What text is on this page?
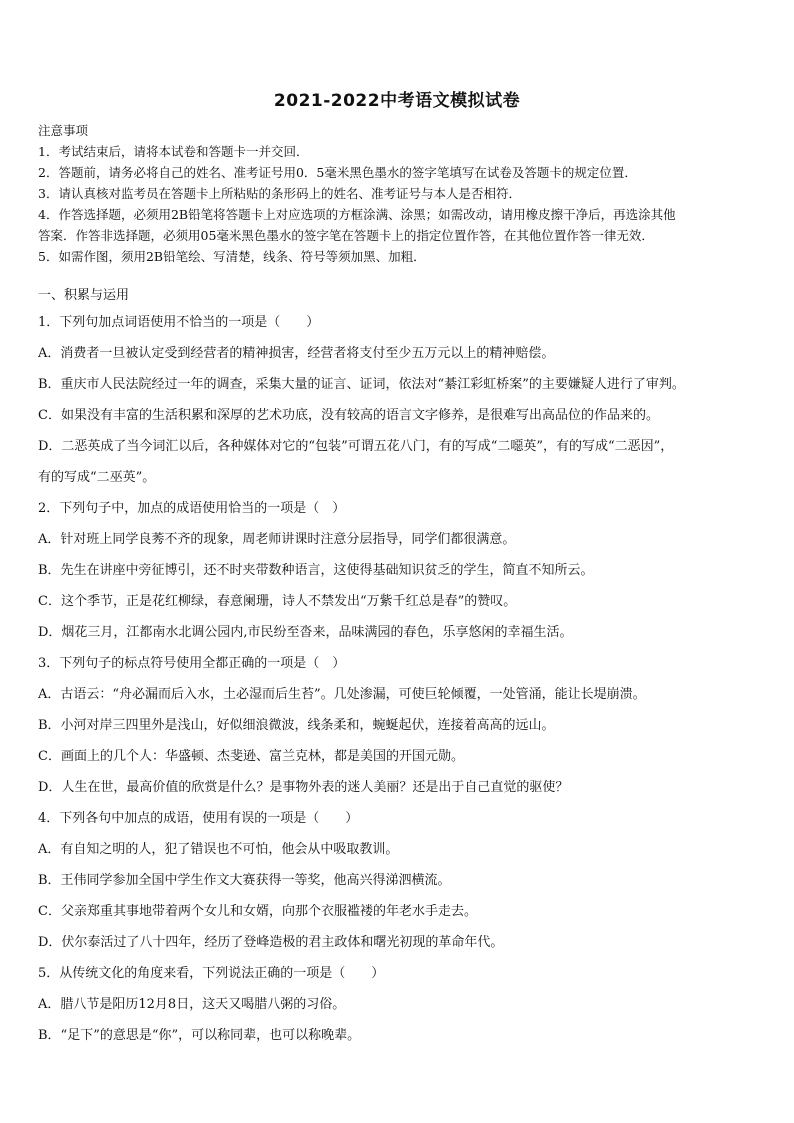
2021-2022中考语文模拟试卷
注意事项
1．考试结束后，请将本试卷和答题卡一并交回．
2．答题前，请务必将自己的姓名、准考证号用0．5毫米黑色墨水的签字笔填写在试卷及答题卡的规定位置．
3．请认真核对监考员在答题卡上所粘贴的条形码上的姓名、准考证号与本人是否相符．
4．作答选择题，必须用2B铅笔将答题卡上对应选项的方框涂满、涂黑；如需改动，请用橡皮擦干净后，再选涂其他
答案．作答非选择题，必须用05毫米黑色墨水的签字笔在答题卡上的指定位置作答，在其他位置作答一律无效．
5．如需作图，须用2B铅笔绘、写清楚，线条、符号等须加黑、加粗．
一、积累与运用
1．下列句加点词语使用不恰当的一项是（　　）
A．消费者一旦被认定受到经营者的精神损害，经营者将支付至少五万元以上的精神赔偿。
B．重庆市人民法院经过一年的调查，采集大量的证言、证词，依法对“綦江彩虹桥案”的主要嫌疑人进行了审判。
C．如果没有丰富的生活积累和深厚的艺术功底，没有较高的语言文字修养，是很难写出高品位的作品来的。
D．二恶英成了当今词汇以后，各种媒体对它的“包装”可谓五花八门，有的写成“二噁英”，有的写成“二恶因”，
有的写成“二巫英”。
2．下列句子中，加点的成语使用恰当的一项是（　）
A．针对班上同学良莠不齐的现象，周老师讲课时注意分层指导，同学们都很满意。
B．先生在讲座中旁征博引，还不时夹带数种语言，这使得基础知识贫乏的学生，简直不知所云。
C．这个季节，正是花红柳绿，春意阑珊，诗人不禁发出“万紫千红总是春”的赞叹。
D．烟花三月，江都南水北调公园内,市民纷至沓来，品味满园的春色，乐享悠闲的幸福生活。
3．下列句子的标点符号使用全都正确的一项是（　）
A．古语云：“舟必漏而后入水，土必湿而后生苔”。几处渗漏，可使巨轮倾覆，一处管涌，能让长堤崩溃。
B．小河对岸三四里外是浅山，好似细浪微波，线条柔和，蜿蜒起伏，连接着高高的远山。
C．画面上的几个人：华盛顿、杰斐逊、富兰克林，都是美国的开国元勋。
D．人生在世，最高价值的欣赏是什么？是事物外表的迷人美丽？还是出于自己直觉的驱使？
4．下列各句中加点的成语，使用有误的一项是（　　）
A．有自知之明的人，犯了错误也不可怕，他会从中吸取教训。
B．王伟同学参加全国中学生作文大赛获得一等奖，他高兴得涕泗横流。
C．父亲郑重其事地带着两个女儿和女婿，向那个衣服褴褛的年老水手走去。
D．伏尔泰活过了八十四年，经历了登峰造极的君主政体和曙光初现的革命年代。
5．从传统文化的角度来看，下列说法正确的一项是（　　）
A．腊八节是阳历12月8日，这天又喝腊八粥的习俗。
B．“足下”的意思是“你”，可以称同辈，也可以称晚辈。
